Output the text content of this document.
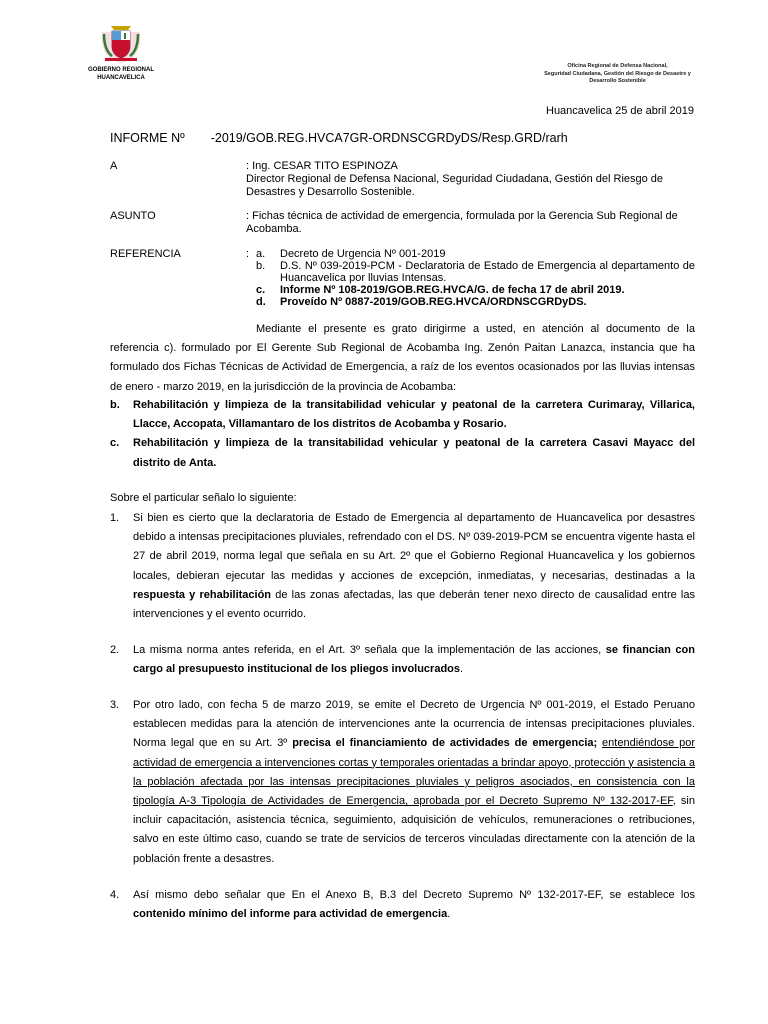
GOBIERNO REGIONAL
HUANCAVELICA
Oficina Regional de Defensa Nacional,
Seguridad Ciudadana, Gestión del Riesgo de Desastre y
Desarrollo Sostenible
Huancavelica 25 de abril 2019
INFORME Nº -2019/GOB.REG.HVCA7GR-ORDNSCGRDyDS/Resp.GRD/rarh
A	: Ing. CESAR TITO ESPINOZA
Director Regional de Defensa Nacional, Seguridad Ciudadana, Gestión del Riesgo de Desastres y Desarrollo Sostenible.
ASUNTO	: Fichas técnica de actividad de emergencia, formulada por la Gerencia Sub Regional de Acobamba.
REFERENCIA	: a.	Decreto de Urgencia Nº 001-2019
b.	D.S. Nº 039-2019-PCM - Declaratoria de Estado de Emergencia al departamento de Huancavelica por lluvias Intensas.
c.	Informe Nº 108-2019/GOB.REG.HVCA/G. de fecha 17 de abril 2019.
d.	Proveído Nº 0887-2019/GOB.REG.HVCA/ORDNSCGRDyDS.
Mediante el presente es grato dirigirme a usted, en atención al documento de la referencia c). formulado por El Gerente Sub Regional de Acobamba Ing. Zenón Paitan Lanazca, instancia que ha formulado dos Fichas Técnicas de Actividad de Emergencia, a raíz de los eventos ocasionados por las lluvias intensas de enero - marzo 2019, en la jurisdicción de la provincia de Acobamba:
b.	Rehabilitación y limpieza de la transitabilidad vehicular y peatonal de la carretera Curimaray, Villarica, Llacce, Accopata, Villamantaro de los distritos de Acobamba y Rosario.
c.	Rehabilitación y limpieza de la transitabilidad vehicular y peatonal de la carretera Casavi Mayacc del distrito de Anta.
Sobre el particular señalo lo siguiente:
1.	Si bien es cierto que la declaratoria de Estado de Emergencia al departamento de Huancavelica por desastres debido a intensas precipitaciones pluviales, refrendado con el DS. Nº 039-2019-PCM se encuentra vigente hasta el 27 de abril 2019, norma legal que señala en su Art. 2º que el Gobierno Regional Huancavelica y los gobiernos locales, debieran ejecutar las medidas y acciones de excepción, inmediatas, y necesarias, destinadas a la respuesta y rehabilitación de las zonas afectadas, las que deberán tener nexo directo de causalidad entre las intervenciones y el evento ocurrido.
2.	La misma norma antes referida, en el Art. 3º señala que la implementación de las acciones, se financian con cargo al presupuesto institucional de los pliegos involucrados.
3.	Por otro lado, con fecha 5 de marzo 2019, se emite el Decreto de Urgencia Nº 001-2019, el Estado Peruano establecen medidas para la atención de intervenciones ante la ocurrencia de intensas precipitaciones pluviales. Norma legal que en su Art. 3º precisa el financiamiento de actividades de emergencia; entendiéndose por actividad de emergencia a intervenciones cortas y temporales orientadas a brindar apoyo, protección y asistencia a la población afectada por las intensas precipitaciones pluviales y peligros asociados, en consistencia con la tipología A-3 Tipología de Actividades de Emergencia, aprobada por el Decreto Supremo Nº 132-2017-EF, sin incluir capacitación, asistencia técnica, seguimiento, adquisición de vehículos, remuneraciones o retribuciones, salvo en este último caso, cuando se trate de servicios de terceros vinculadas directamente con la atención de la población frente a desastres.
4.	Así mismo debo señalar que En el Anexo B, B.3 del Decreto Supremo Nº 132-2017-EF, se establece los contenido mínimo del informe para actividad de emergencia.
